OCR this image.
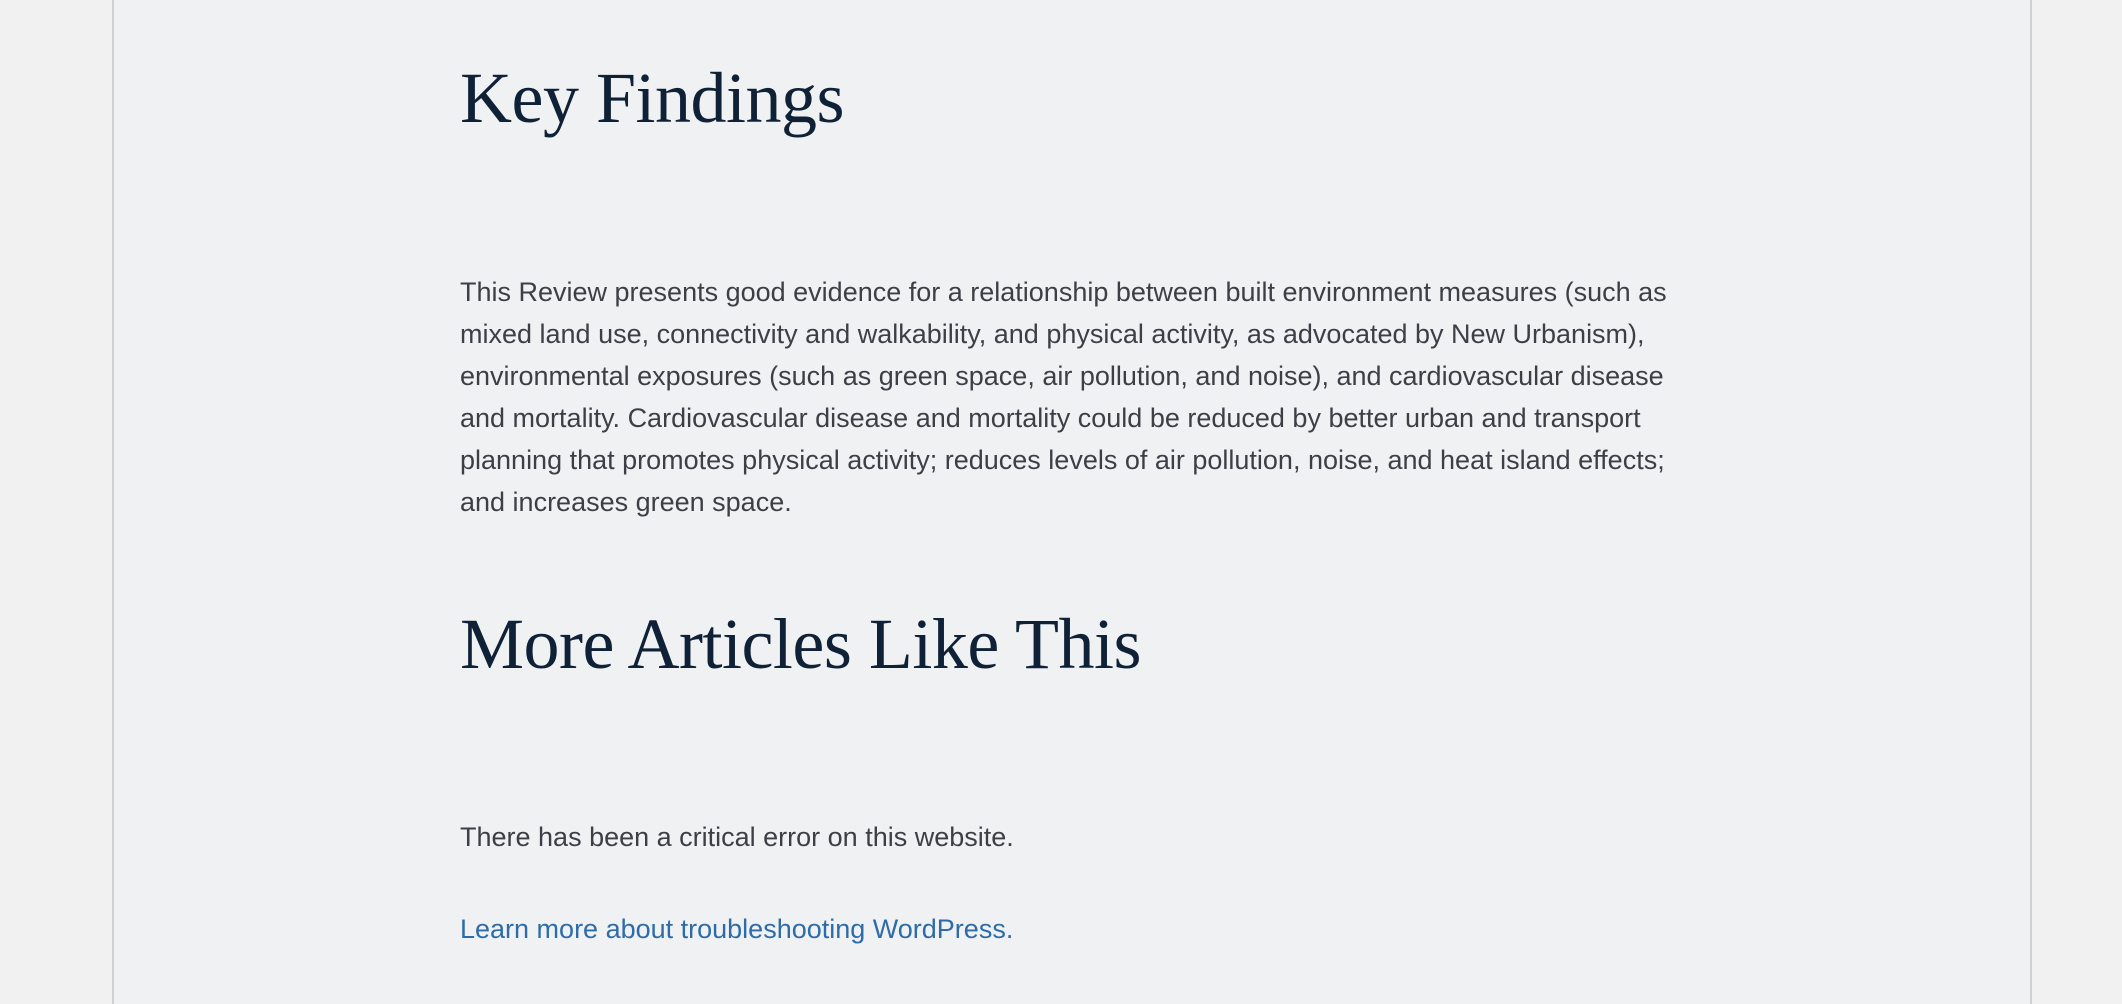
Key Findings

This Review presents good evidence for a relationship between built environment measures (such as mixed land use, connectivity and walkability, and physical activity, as advocated by New Urbanism), environmental exposures (such as green space, air pollution, and noise), and cardiovascular disease and mortality. Cardiovascular disease and mortality could be reduced by better urban and transport planning that promotes physical activity; reduces levels of air pollution, noise, and heat island effects; and increases green space.

More Articles Like This

There has been a critical error on this website.

Learn more about troubleshooting WordPress.
